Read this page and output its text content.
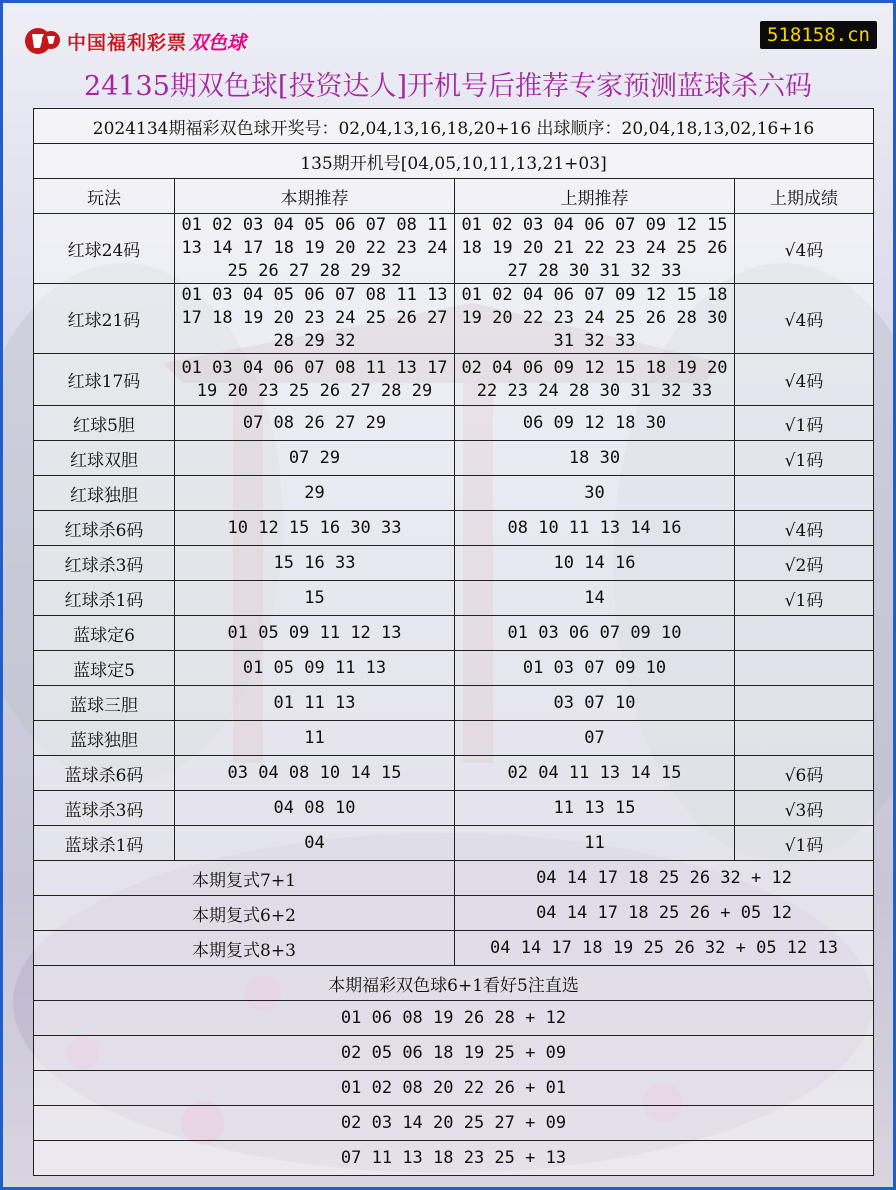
中国福利彩票 双色球	518158.cn
24135期双色球[投资达人]开机号后推荐专家预测蓝球杀六码
2024134期福彩双色球开奖号：02,04,13,16,18,20+16 出球顺序：20,04,18,13,02,16+16			
135期开机号[04,05,10,11,13,21+03]			
玩法	本期推荐	上期推荐	上期成绩
红球24码	01 02 03 04 05 06 07 08 11
13 14 17 18 19 20 22 23 24
25 26 27 28 29 32	01 02 03 04 06 07 09 12 15
18 19 20 21 22 23 24 25 26
27 28 30 31 32 33	√4码
红球21码	01 03 04 05 06 07 08 11 13
17 18 19 20 23 24 25 26 27
28 29 32	01 02 04 06 07 09 12 15 18
19 20 22 23 24 25 26 28 30
31 32 33	√4码
红球17码	01 03 04 06 07 08 11 13 17
19 20 23 25 26 27 28 29	02 04 06 09 12 15 18 19 20
22 23 24 28 30 31 32 33	√4码
红球5胆	07 08 26 27 29	06 09 12 18 30	√1码
红球双胆	07 29	18 30	√1码
红球独胆	29	30	
红球杀6码	10 12 15 16 30 33	08 10 11 13 14 16	√4码
红球杀3码	15 16 33	10 14 16	√2码
红球杀1码	15	14	√1码
蓝球定6	01 05 09 11 12 13	01 03 06 07 09 10	
蓝球定5	01 05 09 11 13	01 03 07 09 10	
蓝球三胆	01 11 13	03 07 10	
蓝球独胆	11	07	
蓝球杀6码	03 04 08 10 14 15	02 04 11 13 14 15	√6码
蓝球杀3码	04 08 10	11 13 15	√3码
蓝球杀1码	04	11	√1码
本期复式7+1		04 14 17 18 25 26 32 + 12	
本期复式6+2		04 14 17 18 25 26 + 05 12	
本期复式8+3		04 14 17 18 19 25 26 32 + 05 12 13	
本期福彩双色球6+1看好5注直选			
01 06 08 19 26 28 + 12			
02 05 06 18 19 25 + 09			
01 02 08 20 22 26 + 01			
02 03 14 20 25 27 + 09			
07 11 13 18 23 25 + 13			
